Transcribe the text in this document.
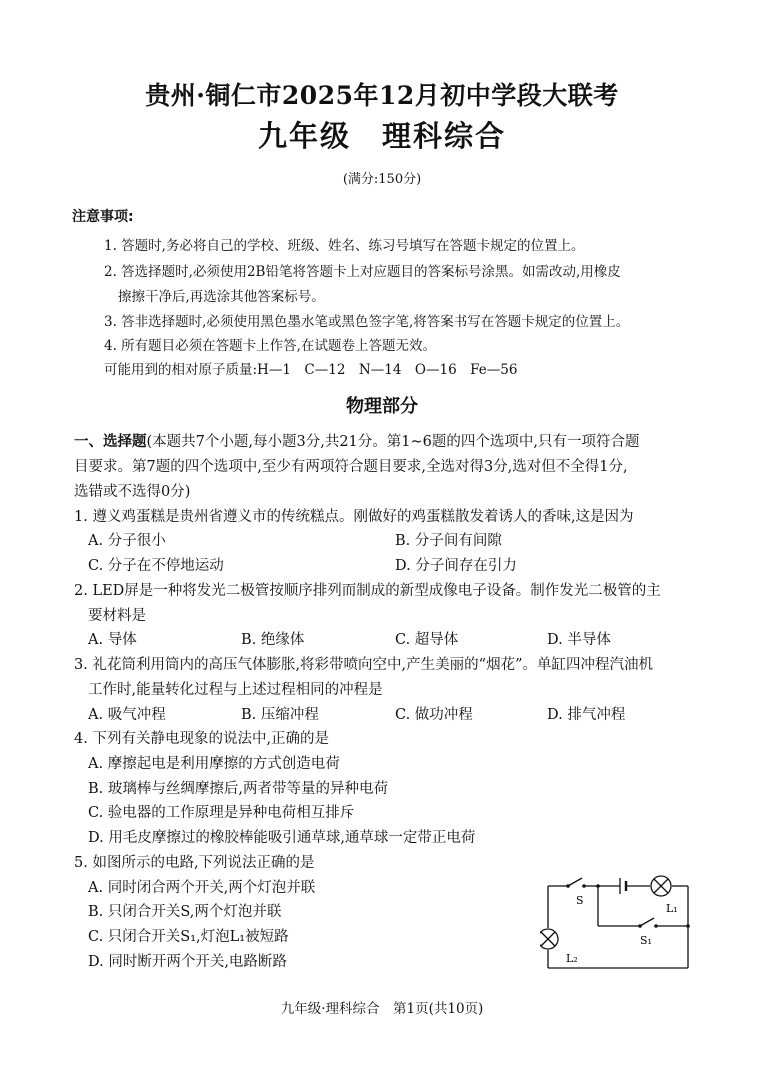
贵州·铜仁市2025年12月初中学段大联考
九年级　理科综合
(满分:150分)
注意事项:
1. 答题时,务必将自己的学校、班级、姓名、练习号填写在答题卡规定的位置上。
2. 答选择题时,必须使用2B铅笔将答题卡上对应题目的答案标号涂黑。如需改动,用橡皮
擦擦干净后,再选涂其他答案标号。
3. 答非选择题时,必须使用黑色墨水笔或黑色签字笔,将答案书写在答题卡规定的位置上。
4. 所有题目必须在答题卡上作答,在试题卷上答题无效。
可能用到的相对原子质量:H—1　C—12　N—14　O—16　Fe—56
物理部分
一、选择题(本题共7个小题,每小题3分,共21分。第1~6题的四个选项中,只有一项符合题
目要求。第7题的四个选项中,至少有两项符合题目要求,全选对得3分,选对但不全得1分,
选错或不选得0分)
1. 遵义鸡蛋糕是贵州省遵义市的传统糕点。刚做好的鸡蛋糕散发着诱人的香味,这是因为
A. 分子很小	B. 分子间有间隙
C. 分子在不停地运动	D. 分子间存在引力
2. LED屏是一种将发光二极管按顺序排列而制成的新型成像电子设备。制作发光二极管的主
要材料是
A. 导体	B. 绝缘体	C. 超导体	D. 半导体
3. 礼花筒利用筒内的高压气体膨胀,将彩带喷向空中,产生美丽的“烟花”。单缸四冲程汽油机
工作时,能量转化过程与上述过程相同的冲程是
A. 吸气冲程	B. 压缩冲程	C. 做功冲程	D. 排气冲程
4. 下列有关静电现象的说法中,正确的是
A. 摩擦起电是利用摩擦的方式创造电荷
B. 玻璃棒与丝绸摩擦后,两者带等量的异种电荷
C. 验电器的工作原理是异种电荷相互排斥
D. 用毛皮摩擦过的橡胶棒能吸引通草球,通草球一定带正电荷
5. 如图所示的电路,下列说法正确的是
A. 同时闭合两个开关,两个灯泡并联
B. 只闭合开关S,两个灯泡并联
C. 只闭合开关S₁,灯泡L₁被短路
D. 同时断开两个开关,电路断路
S
S₁
L₁
L₂
九年级·理科综合　第1页(共10页)
